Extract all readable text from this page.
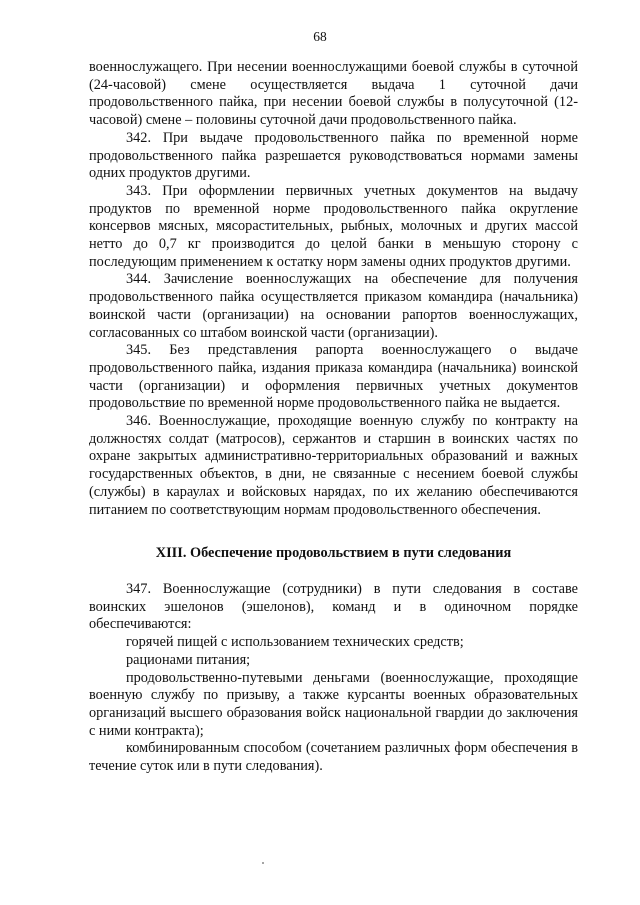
68

военнослужащего. При несении военнослужащими боевой службы в суточной (24-часовой) смене осуществляется выдача 1 суточной дачи продовольственного пайка, при несении боевой службы в полусуточной (12-часовой) смене – половины суточной дачи продовольственного пайка.

342. При выдаче продовольственного пайка по временной норме продовольственного пайка разрешается руководствоваться нормами замены одних продуктов другими.

343. При оформлении первичных учетных документов на выдачу продуктов по временной норме продовольственного пайка округление консервов мясных, мясорастительных, рыбных, молочных и других массой нетто до 0,7 кг производится до целой банки в меньшую сторону с последующим применением к остатку норм замены одних продуктов другими.

344. Зачисление военнослужащих на обеспечение для получения продовольственного пайка осуществляется приказом командира (начальника) воинской части (организации) на основании рапортов военнослужащих, согласованных со штабом воинской части (организации).

345. Без представления рапорта военнослужащего о выдаче продовольственного пайка, издания приказа командира (начальника) воинской части (организации) и оформления первичных учетных документов продовольствие по временной норме продовольственного пайка не выдается.

346. Военнослужащие, проходящие военную службу по контракту на должностях солдат (матросов), сержантов и старшин в воинских частях по охране закрытых административно-территориальных образований и важных государственных объектов, в дни, не связанные с несением боевой службы (службы) в караулах и войсковых нарядах, по их желанию обеспечиваются питанием по соответствующим нормам продовольственного обеспечения.

XIII. Обеспечение продовольствием в пути следования

347. Военнослужащие (сотрудники) в пути следования в составе воинских эшелонов (эшелонов), команд и в одиночном порядке обеспечиваются:

горячей пищей с использованием технических средств;

рационами питания;

продовольственно-путевыми деньгами (военнослужащие, проходящие военную службу по призыву, а также курсанты военных образовательных организаций высшего образования войск национальной гвардии до заключения с ними контракта);

комбинированным способом (сочетанием различных форм обеспечения в течение суток или в пути следования).
